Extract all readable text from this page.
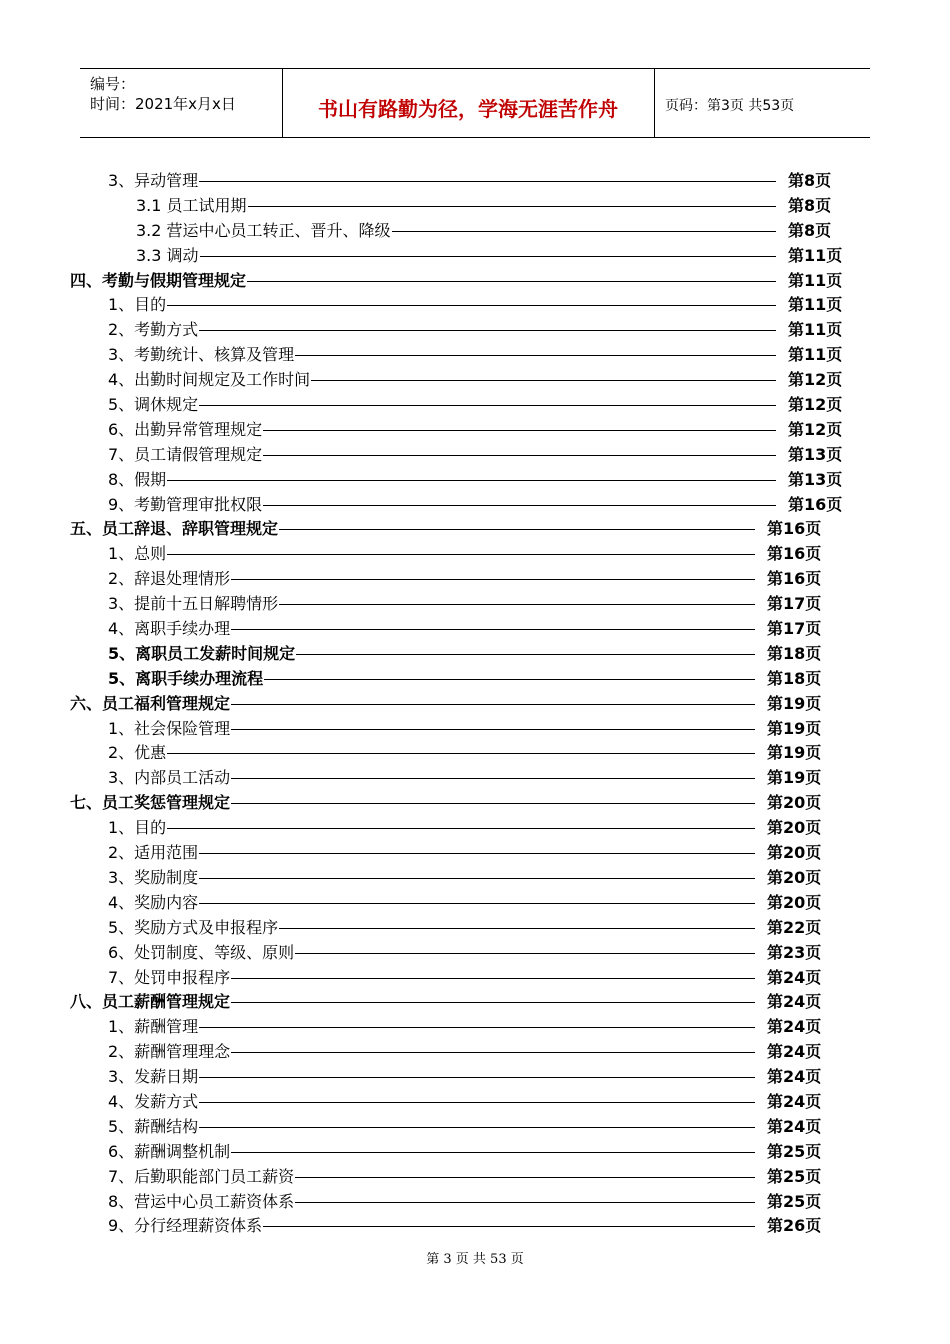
编号：
时间：2021年x月x日	书山有路勤为径，学海无涯苦作舟	页码：第3页 共53页
3、异动管理	第8页
3.1 员工试用期	第8页
3.2 营运中心员工转正、晋升、降级	第8页
3.3 调动	第11页
四、考勤与假期管理规定	第11页
1、目的	第11页
2、考勤方式	第11页
3、考勤统计、核算及管理	第11页
4、出勤时间规定及工作时间	第12页
5、调休规定	第12页
6、出勤异常管理规定	第12页
7、员工请假管理规定	第13页
8、假期	第13页
9、考勤管理审批权限	第16页
五、员工辞退、辞职管理规定	第16页
1、总则	第16页
2、辞退处理情形	第16页
3、提前十五日解聘情形	第17页
4、离职手续办理	第17页
5、离职员工发薪时间规定	第18页
5、离职手续办理流程	第18页
六、员工福利管理规定	第19页
1、社会保险管理	第19页
2、优惠	第19页
3、内部员工活动	第19页
七、员工奖惩管理规定	第20页
1、目的	第20页
2、适用范围	第20页
3、奖励制度	第20页
4、奖励内容	第20页
5、奖励方式及申报程序	第22页
6、处罚制度、等级、原则	第23页
7、处罚申报程序	第24页
八、员工薪酬管理规定	第24页
1、薪酬管理	第24页
2、薪酬管理理念	第24页
3、发薪日期	第24页
4、发薪方式	第24页
5、薪酬结构	第24页
6、薪酬调整机制	第25页
7、后勤职能部门员工薪资	第25页
8、营运中心员工薪资体系	第25页
9、分行经理薪资体系	第26页
第 3 页 共 53 页
